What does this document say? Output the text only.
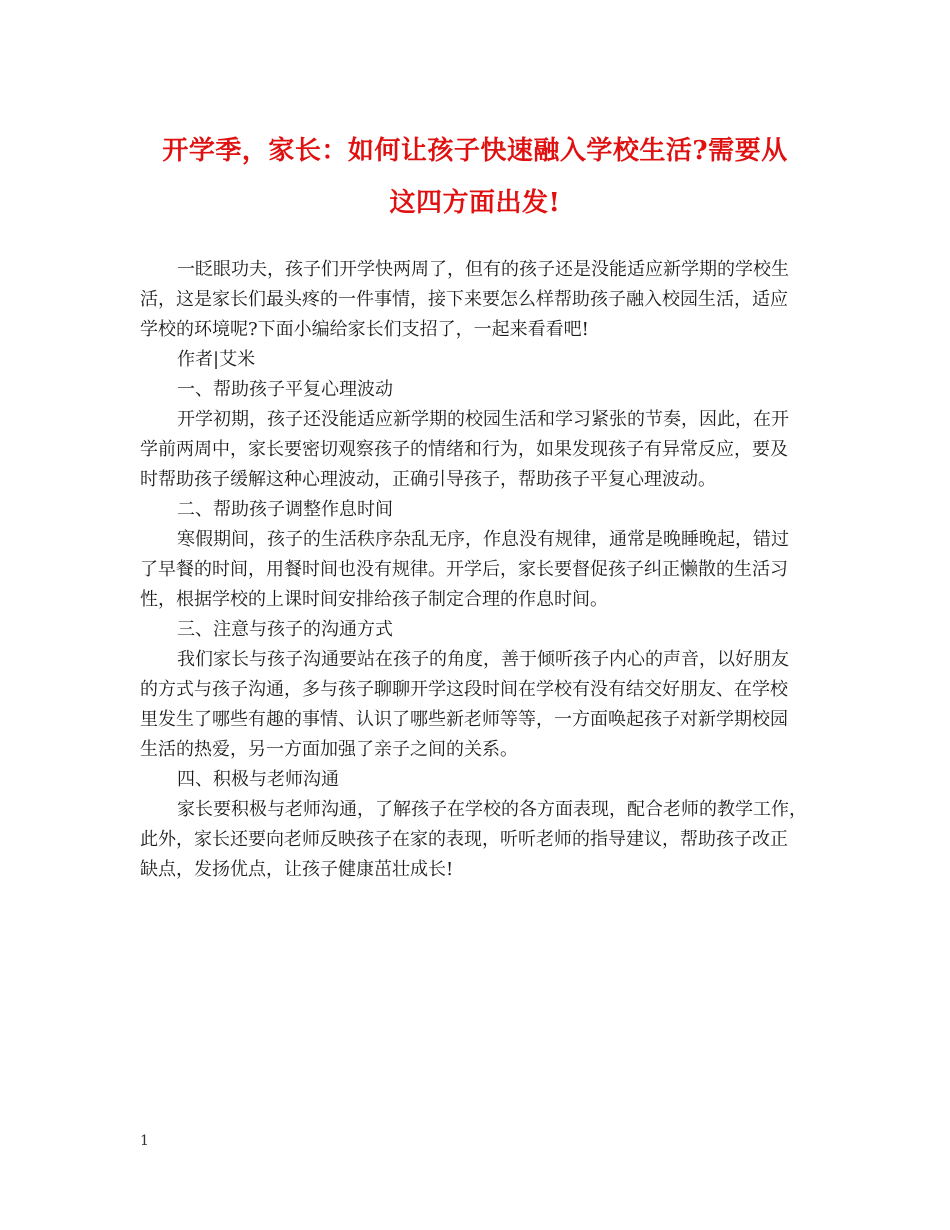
开学季，家长：如何让孩子快速融入学校生活?需要从
这四方面出发!

一眨眼功夫，孩子们开学快两周了，但有的孩子还是没能适应新学期的学校生
活，这是家长们最头疼的一件事情，接下来要怎么样帮助孩子融入校园生活，适应
学校的环境呢?下面小编给家长们支招了，一起来看看吧!

作者|艾米

一、帮助孩子平复心理波动

开学初期，孩子还没能适应新学期的校园生活和学习紧张的节奏，因此，在开
学前两周中，家长要密切观察孩子的情绪和行为，如果发现孩子有异常反应，要及
时帮助孩子缓解这种心理波动，正确引导孩子，帮助孩子平复心理波动。

二、帮助孩子调整作息时间

寒假期间，孩子的生活秩序杂乱无序，作息没有规律，通常是晚睡晚起，错过
了早餐的时间，用餐时间也没有规律。开学后，家长要督促孩子纠正懒散的生活习
性，根据学校的上课时间安排给孩子制定合理的作息时间。

三、注意与孩子的沟通方式

我们家长与孩子沟通要站在孩子的角度，善于倾听孩子内心的声音，以好朋友
的方式与孩子沟通，多与孩子聊聊开学这段时间在学校有没有结交好朋友、在学校
里发生了哪些有趣的事情、认识了哪些新老师等等，一方面唤起孩子对新学期校园
生活的热爱，另一方面加强了亲子之间的关系。

四、积极与老师沟通

家长要积极与老师沟通，了解孩子在学校的各方面表现，配合老师的教学工作，
此外，家长还要向老师反映孩子在家的表现，听听老师的指导建议，帮助孩子改正
缺点，发扬优点，让孩子健康茁壮成长!

1
